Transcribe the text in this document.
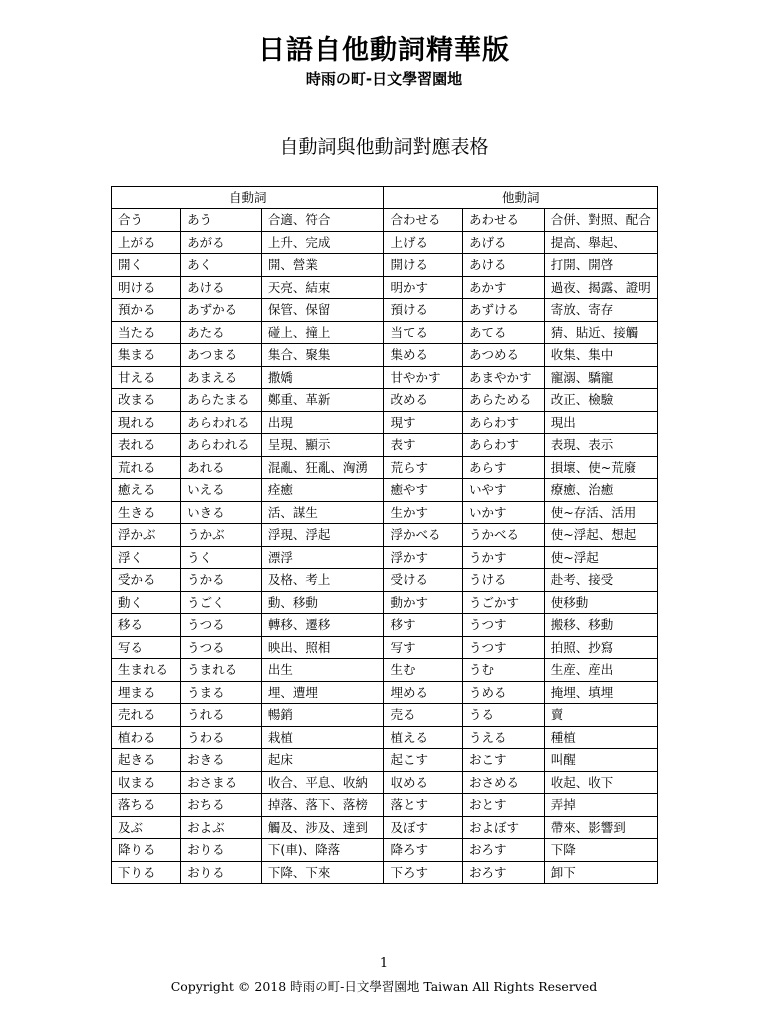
日語自他動詞精華版
時雨の町-日文學習園地
自動詞與他動詞對應表格
自動詞			他動詞		
合う	あう	合適、符合	合わせる	あわせる	合併、對照、配合
上がる	あがる	上升、完成	上げる	あげる	提高、舉起、
開く	あく	開、營業	開ける	あける	打開、開啓
明ける	あける	天亮、結束	明かす	あかす	過夜、揭露、證明
預かる	あずかる	保管、保留	預ける	あずける	寄放、寄存
当たる	あたる	碰上、撞上	当てる	あてる	猜、貼近、接觸
集まる	あつまる	集合、聚集	集める	あつめる	收集、集中
甘える	あまえる	撒嬌	甘やかす	あまやかす	寵溺、驕寵
改まる	あらたまる	鄭重、革新	改める	あらためる	改正、檢驗
現れる	あらわれる	出現	現す	あらわす	現出
表れる	あらわれる	呈現、顯示	表す	あらわす	表現、表示
荒れる	あれる	混亂、狂亂、洶湧	荒らす	あらす	損壞、使~荒廢
癒える	いえる	痊癒	癒やす	いやす	療癒、治癒
生きる	いきる	活、謀生	生かす	いかす	使~存活、活用
浮かぶ	うかぶ	浮現、浮起	浮かべる	うかべる	使~浮起、想起
浮く	うく	漂浮	浮かす	うかす	使~浮起
受かる	うかる	及格、考上	受ける	うける	赴考、接受
動く	うごく	動、移動	動かす	うごかす	使移動
移る	うつる	轉移、遷移	移す	うつす	搬移、移動
写る	うつる	映出、照相	写す	うつす	拍照、抄寫
生まれる	うまれる	出生	生む	うむ	生産、産出
埋まる	うまる	埋、遭埋	埋める	うめる	掩埋、填埋
売れる	うれる	暢銷	売る	うる	賣
植わる	うわる	栽植	植える	うえる	種植
起きる	おきる	起床	起こす	おこす	叫醒
収まる	おさまる	收合、平息、收納	収める	おさめる	收起、收下
落ちる	おちる	掉落、落下、落榜	落とす	おとす	弄掉
及ぶ	およぶ	觸及、涉及、達到	及ぼす	およぼす	帶來、影響到
降りる	おりる	下(車)、降落	降ろす	おろす	下降
下りる	おりる	下降、下來	下ろす	おろす	卸下
1
Copyright © 2018 時雨の町-日文學習園地 Taiwan All Rights Reserved
